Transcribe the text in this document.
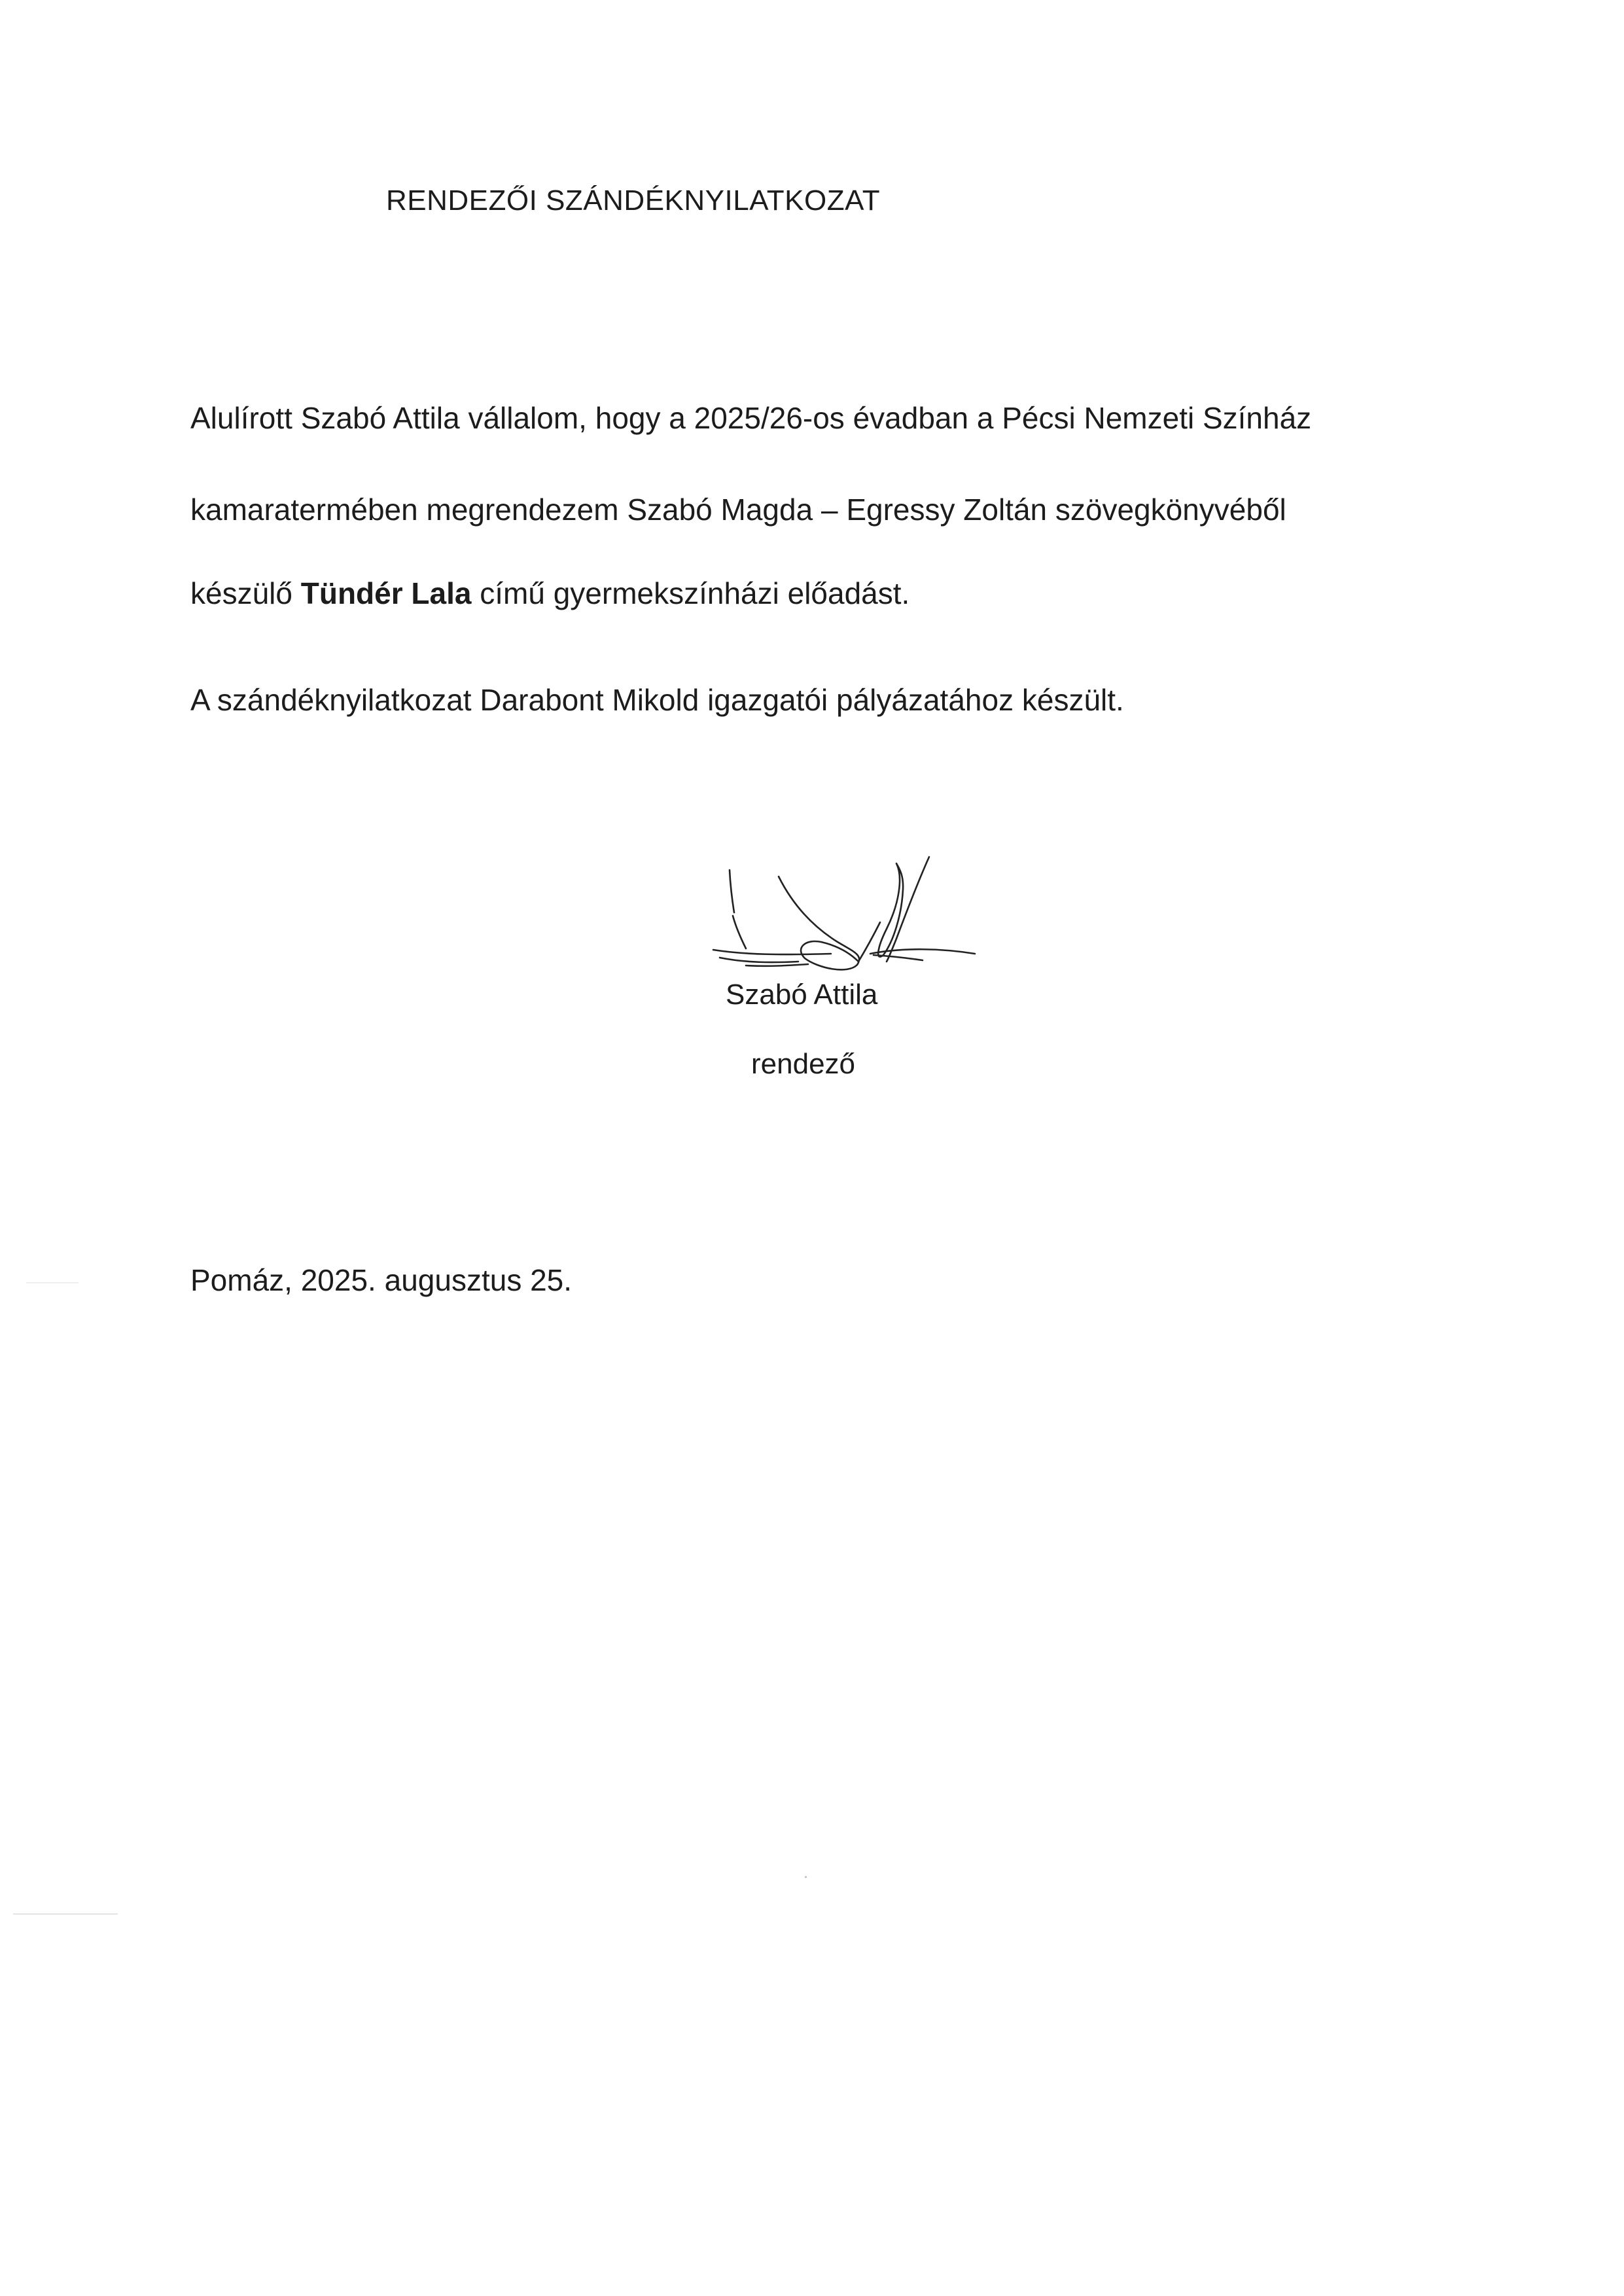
RENDEZŐI SZÁNDÉKNYILATKOZAT
Alulírott Szabó Attila vállalom, hogy a 2025/26-os évadban a Pécsi Nemzeti Színház
kamaratermében megrendezem Szabó Magda – Egressy Zoltán szövegkönyvéből
készülő Tündér Lala című gyermekszínházi előadást.
A szándéknyilatkozat Darabont Mikold igazgatói pályázatához készült.
Szabó Attila
rendező
Pomáz, 2025. augusztus 25.
